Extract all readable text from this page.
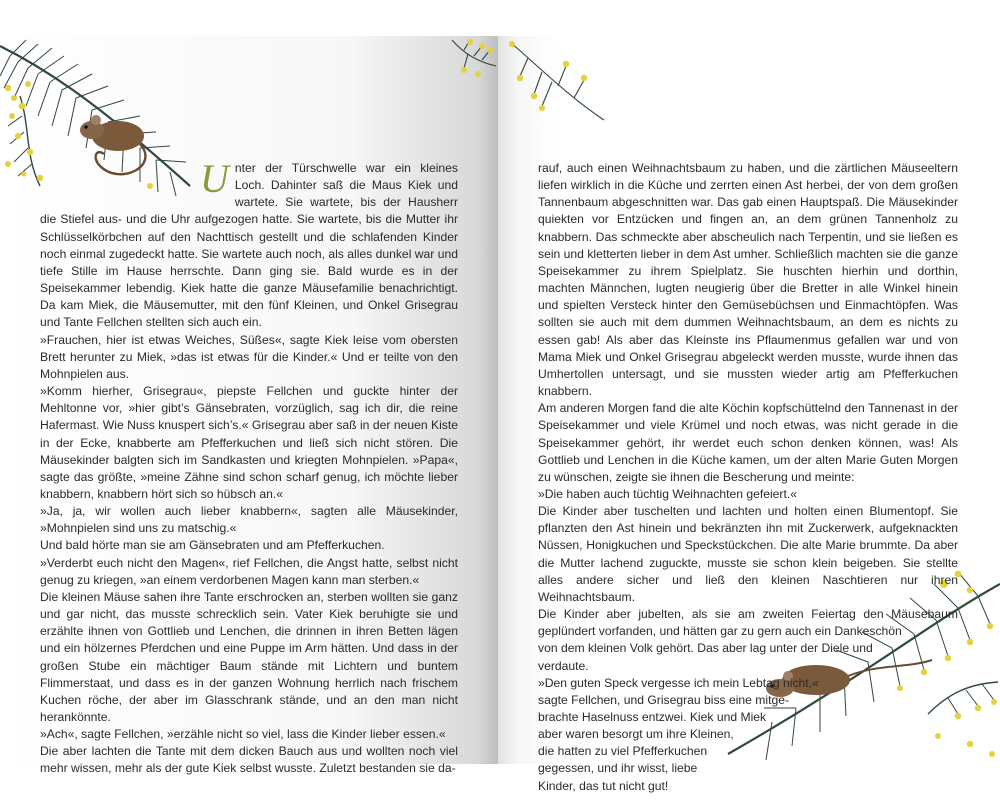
U nter der Türschwelle war ein kleines Loch. Dahinter saß die Maus Kiek und wartete. Sie wartete, bis der Hausherr die Stiefel aus- und die Uhr aufgezogen hatte. Sie wartete, bis die Mutter ihr Schlüsselkörbchen auf den Nachttisch gestellt und die schlafenden Kinder noch einmal zugedeckt hatte. Sie wartete auch noch, als alles dunkel war und tiefe Stille im Hause herrschte. Dann ging sie. Bald wurde es in der Speisekammer lebendig. Kiek hatte die ganze Mäusefamilie benachrichtigt. Da kam Miek, die Mäusemutter, mit den fünf Kleinen, und Onkel Grisegrau und Tante Fellchen stellten sich auch ein.

»Frauchen, hier ist etwas Weiches, Süßes«, sagte Kiek leise vom obersten Brett herunter zu Miek, »das ist etwas für die Kinder.« Und er teilte von den Mohnpielen aus.

»Komm hierher, Grisegrau«, piepste Fellchen und guckte hinter der Mehltonne vor, »hier gibt’s Gänsebraten, vorzüglich, sag ich dir, die reine Hafermast. Wie Nuss knuspert sich’s.« Grisegrau aber saß in der neuen Kiste in der Ecke, knabberte am Pfefferkuchen und ließ sich nicht stören. Die Mäusekinder balgten sich im Sandkasten und kriegten Mohnpielen. »Papa«, sagte das größte, »meine Zähne sind schon scharf genug, ich möchte lieber knabbern, knabbern hört sich so hübsch an.«

»Ja, ja, wir wollen auch lieber knabbern«, sagten alle Mäusekinder, »Mohnpielen sind uns zu matschig.«

Und bald hörte man sie am Gänsebraten und am Pfefferkuchen.

»Verderbt euch nicht den Magen«, rief Fellchen, die Angst hatte, selbst nicht genug zu kriegen, »an einem verdorbenen Magen kann man sterben.«

Die kleinen Mäuse sahen ihre Tante erschrocken an, sterben wollten sie ganz und gar nicht, das musste schrecklich sein. Vater Kiek beruhigte sie und erzählte ihnen von Gottlieb und Lenchen, die drinnen in ihren Betten lägen und ein hölzernes Pferdchen und eine Puppe im Arm hätten. Und dass in der großen Stube ein mächtiger Baum stände mit Lichtern und buntem Flimmerstaat, und dass es in der ganzen Wohnung herrlich nach frischem Kuchen röche, der aber im Glasschrank stände, und an den man nicht herankönnte.

»Ach«, sagte Fellchen, »erzähle nicht so viel, lass die Kinder lieber essen.«

Die aber lachten die Tante mit dem dicken Bauch aus und wollten noch viel mehr wissen, mehr als der gute Kiek selbst wusste. Zuletzt bestanden sie da-

rauf, auch einen Weihnachtsbaum zu haben, und die zärtlichen Mäuseeltern liefen wirklich in die Küche und zerrten einen Ast herbei, der von dem großen Tannenbaum abgeschnitten war. Das gab einen Hauptspaß. Die Mäusekinder quiekten vor Entzücken und fingen an, an dem grünen Tannenholz zu knabbern. Das schmeckte aber abscheulich nach Terpentin, und sie ließen es sein und kletterten lieber in dem Ast umher. Schließlich machten sie die ganze Speisekammer zu ihrem Spielplatz. Sie huschten hierhin und dorthin, machten Männchen, lugten neugierig über die Bretter in alle Winkel hinein und spielten Versteck hinter den Gemüsebüchsen und Einmachtöpfen. Was sollten sie auch mit dem dummen Weihnachtsbaum, an dem es nichts zu essen gab! Als aber das Kleinste ins Pflaumenmus gefallen war und von Mama Miek und Onkel Grisegrau abgeleckt werden musste, wurde ihnen das Umhertollen untersagt, und sie mussten wieder artig am Pfefferkuchen knabbern.

Am anderen Morgen fand die alte Köchin kopfschüttelnd den Tannenast in der Speisekammer und viele Krümel und noch etwas, was nicht gerade in die Speisekammer gehört, ihr werdet euch schon denken können, was! Als Gottlieb und Lenchen in die Küche kamen, um der alten Marie Guten Morgen zu wünschen, zeigte sie ihnen die Bescherung und meinte:

»Die haben auch tüchtig Weihnachten gefeiert.«

Die Kinder aber tuschelten und lachten und holten einen Blumentopf. Sie pflanzten den Ast hinein und bekränzten ihn mit Zuckerwerk, aufgeknackten Nüssen, Honigkuchen und Speckstückchen. Die alte Marie brummte. Da aber die Mutter lachend zuguckte, musste sie schon klein beigeben. Sie stellte alles andere sicher und ließ den kleinen Naschtieren nur ihren Weihnachtsbaum.

Die Kinder aber jubelten, als sie am zweiten Feiertag den Mäusebaum geplündert vorfanden, und hätten gar zu gern auch ein Dankeschön

von dem kleinen Volk gehört. Das aber lag unter der Diele und
verdaute.
»Den guten Speck vergesse ich mein Lebtag nicht,«
sagte Fellchen, und Grisegrau biss eine mitge-
brachte Haselnuss entzwei. Kiek und Miek
aber waren besorgt um ihre Kleinen,
die hatten zu viel Pfefferkuchen
gegessen, und ihr wisst, liebe
Kinder, das tut nicht gut!
